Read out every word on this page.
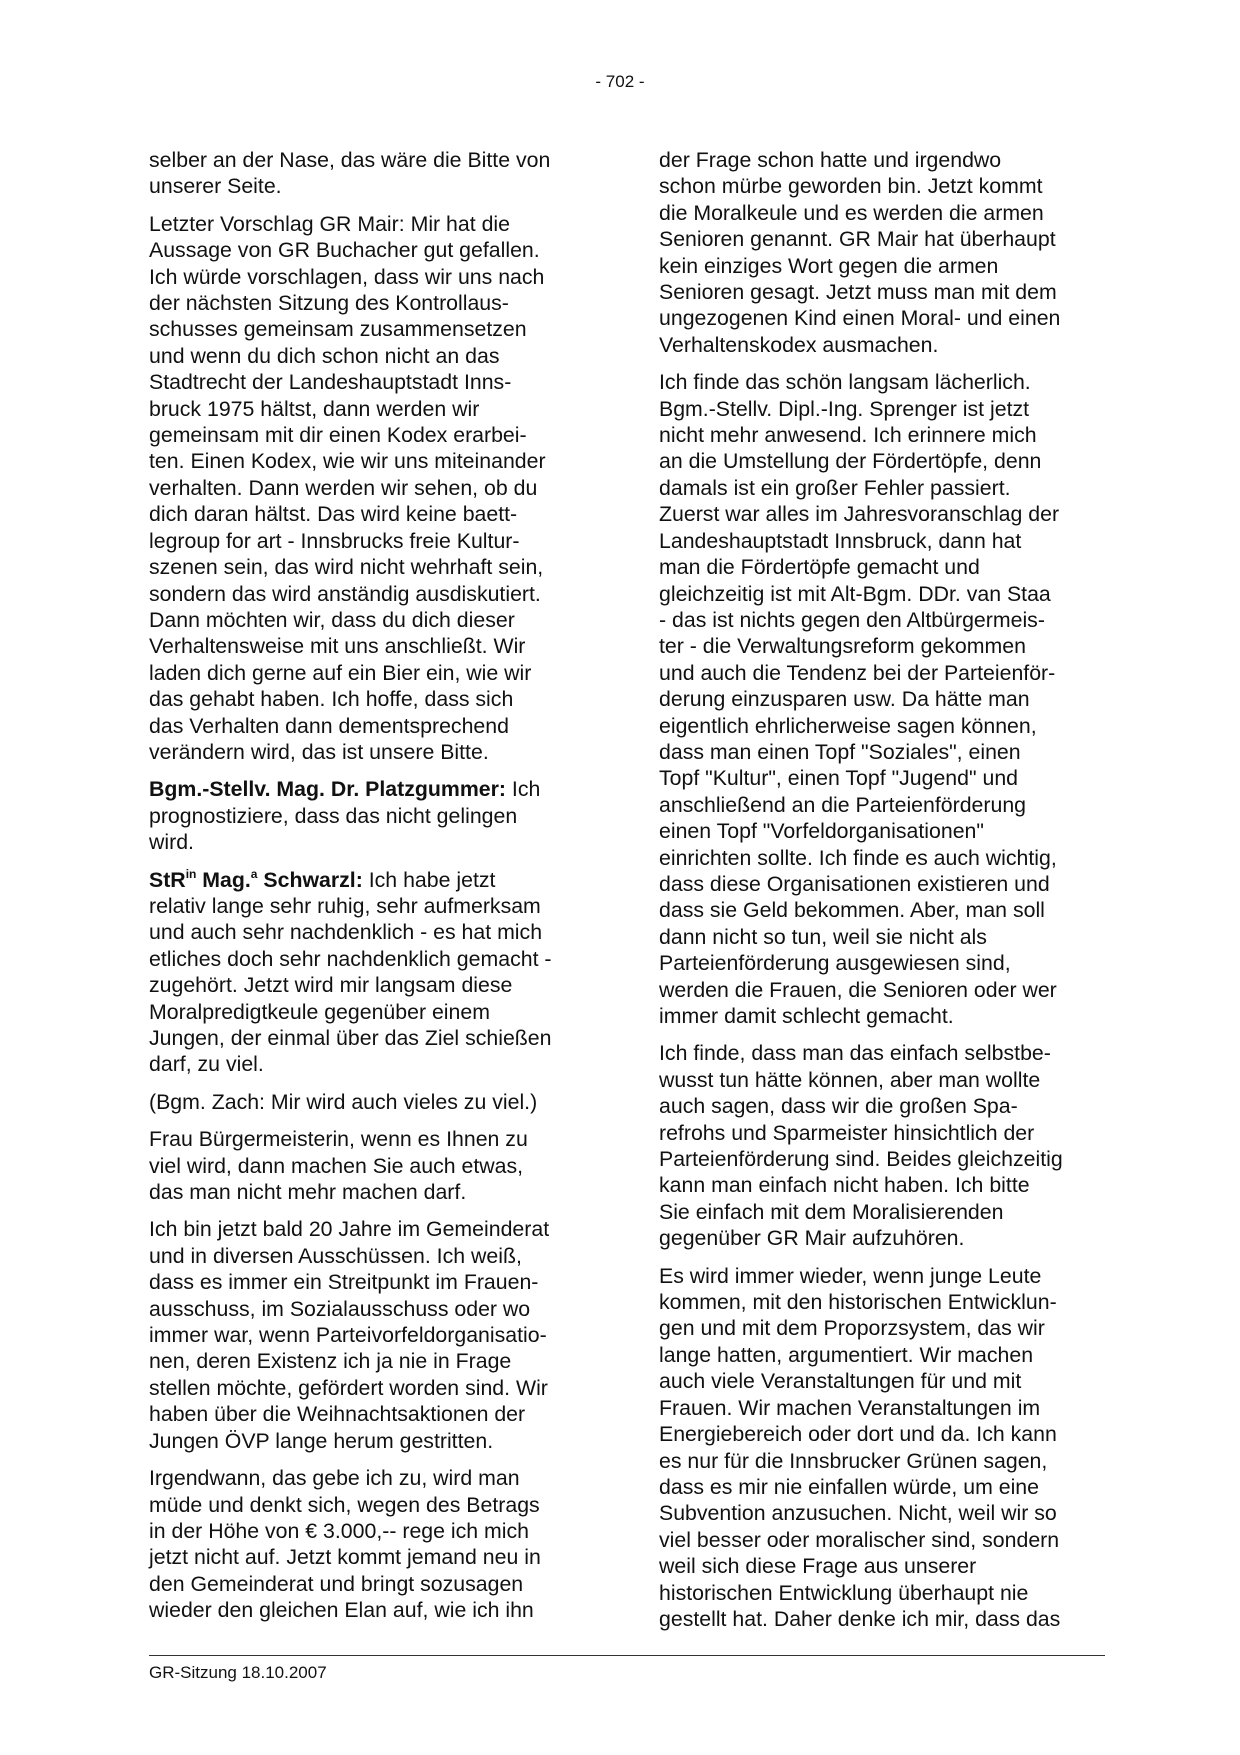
- 702 -
selber an der Nase, das wäre die Bitte von
unserer Seite.
Letzter Vorschlag GR Mair: Mir hat die
Aussage von GR Buchacher gut gefallen.
Ich würde vorschlagen, dass wir uns nach
der nächsten Sitzung des Kontrollaus-
schusses gemeinsam zusammensetzen
und wenn du dich schon nicht an das
Stadtrecht der Landeshauptstadt Inns-
bruck 1975 hältst, dann werden wir
gemeinsam mit dir einen Kodex erarbei-
ten. Einen Kodex, wie wir uns miteinander
verhalten. Dann werden wir sehen, ob du
dich daran hältst. Das wird keine baett-
legroup for art - Innsbrucks freie Kultur-
szenen sein, das wird nicht wehrhaft sein,
sondern das wird anständig ausdiskutiert.
Dann möchten wir, dass du dich dieser
Verhaltensweise mit uns anschließt. Wir
laden dich gerne auf ein Bier ein, wie wir
das gehabt haben. Ich hoffe, dass sich
das Verhalten dann dementsprechend
verändern wird, das ist unsere Bitte.
Bgm.-Stellv. Mag. Dr. Platzgummer: Ich
prognostiziere, dass das nicht gelingen
wird.
StR$^{in}$ Mag.$^a$ Schwarzl: Ich habe jetzt
relativ lange sehr ruhig, sehr aufmerksam
und auch sehr nachdenklich - es hat mich
etliches doch sehr nachdenklich gemacht -
zugehört. Jetzt wird mir langsam diese
Moralpredigtkeule gegenüber einem
Jungen, der einmal über das Ziel schießen
darf, zu viel.
(Bgm. Zach: Mir wird auch vieles zu viel.)
Frau Bürgermeisterin, wenn es Ihnen zu
viel wird, dann machen Sie auch etwas,
das man nicht mehr machen darf.
Ich bin jetzt bald 20 Jahre im Gemeinderat
und in diversen Ausschüssen. Ich weiß,
dass es immer ein Streitpunkt im Frauen-
ausschuss, im Sozialausschuss oder wo
immer war, wenn Parteivorfeldorganisatio-
nen, deren Existenz ich ja nie in Frage
stellen möchte, gefördert worden sind. Wir
haben über die Weihnachtsaktionen der
Jungen ÖVP lange herum gestritten.
Irgendwann, das gebe ich zu, wird man
müde und denkt sich, wegen des Betrags
in der Höhe von € 3.000,-- rege ich mich
jetzt nicht auf. Jetzt kommt jemand neu in
den Gemeinderat und bringt sozusagen
wieder den gleichen Elan auf, wie ich ihn
der Frage schon hatte und irgendwo
schon mürbe geworden bin. Jetzt kommt
die Moralkeule und es werden die armen
Senioren genannt. GR Mair hat überhaupt
kein einziges Wort gegen die armen
Senioren gesagt. Jetzt muss man mit dem
ungezogenen Kind einen Moral- und einen
Verhaltenskodex ausmachen.
Ich finde das schön langsam lächerlich.
Bgm.-Stellv. Dipl.-Ing. Sprenger ist jetzt
nicht mehr anwesend. Ich erinnere mich
an die Umstellung der Fördertöpfe, denn
damals ist ein großer Fehler passiert.
Zuerst war alles im Jahresvoranschlag der
Landeshauptstadt Innsbruck, dann hat
man die Fördertöpfe gemacht und
gleichzeitig ist mit Alt-Bgm. DDr. van Staa
- das ist nichts gegen den Altbürgermeis-
ter - die Verwaltungsreform gekommen
und auch die Tendenz bei der Parteienför-
derung einzusparen usw. Da hätte man
eigentlich ehrlicherweise sagen können,
dass man einen Topf "Soziales", einen
Topf "Kultur", einen Topf "Jugend" und
anschließend an die Parteienförderung
einen Topf "Vorfeldorganisationen"
einrichten sollte. Ich finde es auch wichtig,
dass diese Organisationen existieren und
dass sie Geld bekommen. Aber, man soll
dann nicht so tun, weil sie nicht als
Parteienförderung ausgewiesen sind,
werden die Frauen, die Senioren oder wer
immer damit schlecht gemacht.
Ich finde, dass man das einfach selbstbe-
wusst tun hätte können, aber man wollte
auch sagen, dass wir die großen Spa-
refrohs und Sparmeister hinsichtlich der
Parteienförderung sind. Beides gleichzeitig
kann man einfach nicht haben. Ich bitte
Sie einfach mit dem Moralisierenden
gegenüber GR Mair aufzuhören.
Es wird immer wieder, wenn junge Leute
kommen, mit den historischen Entwicklun-
gen und mit dem Proporzsystem, das wir
lange hatten, argumentiert. Wir machen
auch viele Veranstaltungen für und mit
Frauen. Wir machen Veranstaltungen im
Energiebereich oder dort und da. Ich kann
es nur für die Innsbrucker Grünen sagen,
dass es mir nie einfallen würde, um eine
Subvention anzusuchen. Nicht, weil wir so
viel besser oder moralischer sind, sondern
weil sich diese Frage aus unserer
historischen Entwicklung überhaupt nie
gestellt hat. Daher denke ich mir, dass das
GR-Sitzung 18.10.2007
